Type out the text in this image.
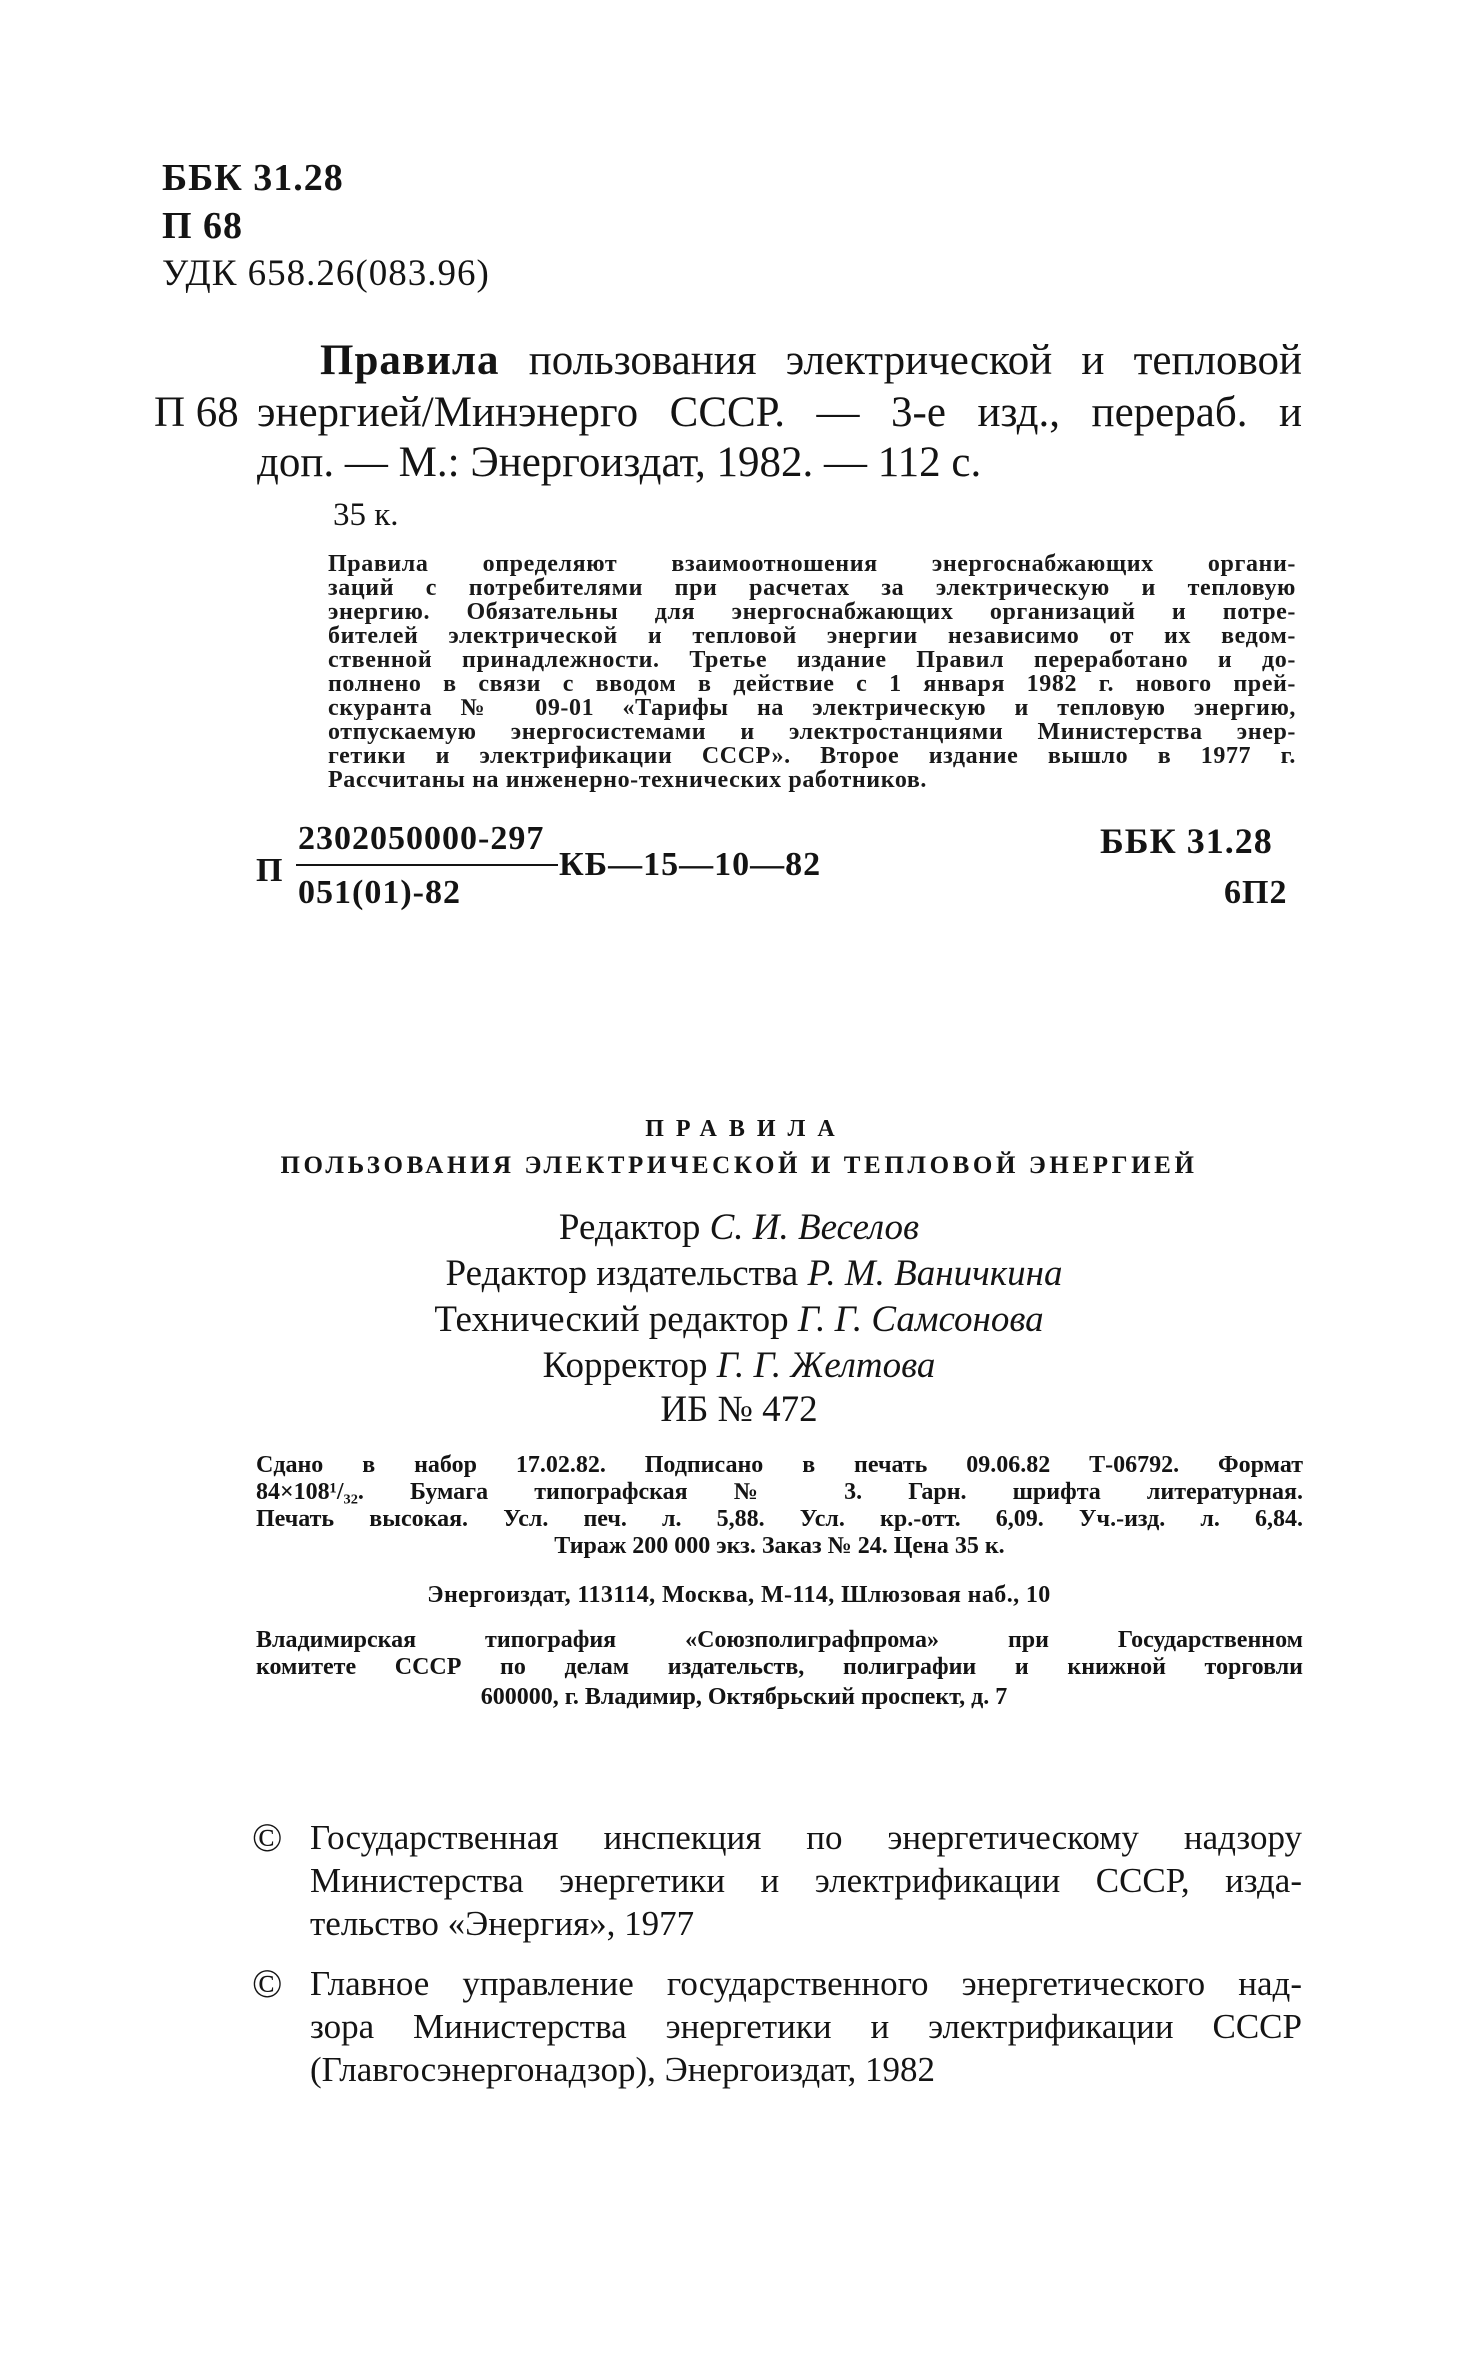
ББК 31.28
П 68
УДК 658.26(083.96)
Правила пользования электрической и тепловой
П 68 энергией/Минэнерго СССР. — 3-е изд., перераб. и
доп. — М.: Энергоиздат, 1982. — 112 с.
35 к.
Правила определяют взаимоотношения энергоснабжающих органи-
заций с потребителями при расчетах за электрическую и тепловую
энергию. Обязательны для энергоснабжающих организаций и потре-
бителей электрической и тепловой энергии независимо от их ведом-
ственной принадлежности. Третье издание Правил переработано и до-
полнено в связи с вводом в действие с 1 января 1982 г. нового прей-
скуранта № 09-01 «Тарифы на электрическую и тепловую энергию,
отпускаемую энергосистемами и электростанциями Министерства энер-
гетики и электрификации СССР». Второе издание вышло в 1977 г.
Рассчитаны на инженерно-технических работников.
П
2302050000-297
051(01)-82
КБ—15—10—82
ББК 31.28
6П2
ПРАВИЛА
ПОЛЬЗОВАНИЯ ЭЛЕКТРИЧЕСКОЙ И ТЕПЛОВОЙ ЭНЕРГИЕЙ
Редактор С. И. Веселов
Редактор издательства Р. М. Ваничкина
Технический редактор Г. Г. Самсонова
Корректор Г. Г. Желтова
ИБ № 472
Сдано в набор 17.02.82. Подписано в печать 09.06.82 Т-06792. Формат
84×108¹/₃₂. Бумага типографская № 3. Гарн. шрифта литературная.
Печать высокая. Усл. печ. л. 5,88. Усл. кр.-отт. 6,09. Уч.-изд. л. 6,84.
Тираж 200 000 экз. Заказ № 24. Цена 35 к.
Энергоиздат, 113114, Москва, М-114, Шлюзовая наб., 10
Владимирская типография «Союзполиграфпрома» при Государственном
комитете СССР по делам издательств, полиграфии и книжной торговли
600000, г. Владимир, Октябрьский проспект, д. 7
© Государственная инспекция по энергетическому надзору
Министерства энергетики и электрификации СССР, изда-
тельство «Энергия», 1977
© Главное управление государственного энергетического над-
зора Министерства энергетики и электрификации СССР
(Главгосэнергонадзор), Энергоиздат, 1982
